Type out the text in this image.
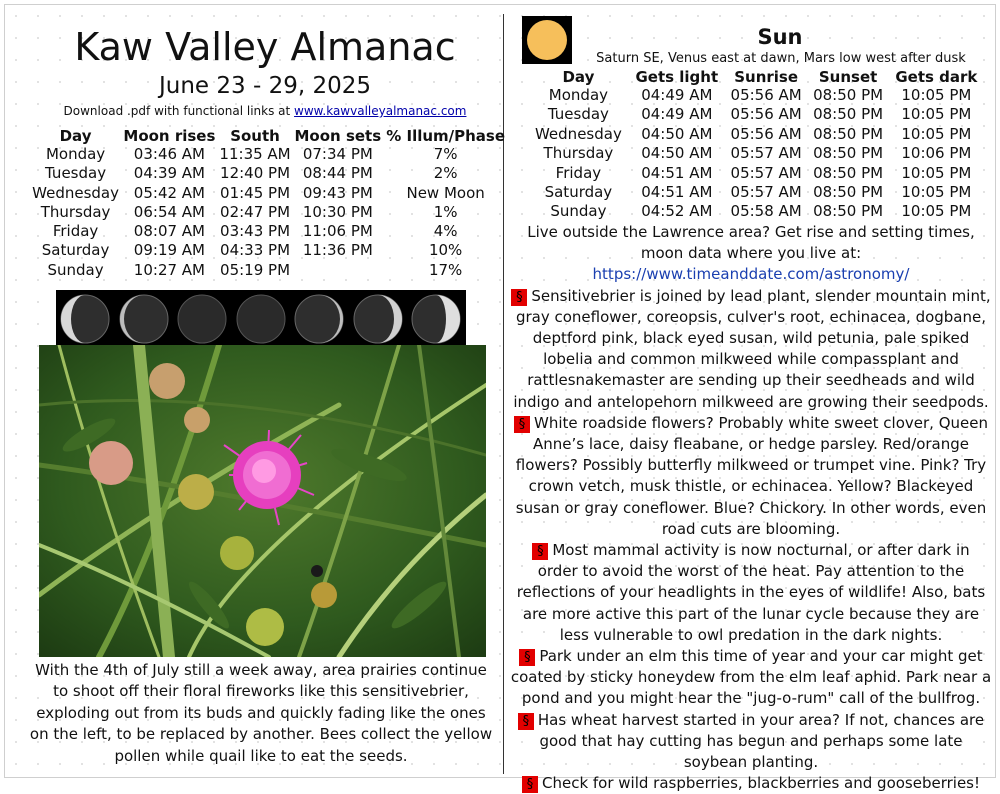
Kaw Valley Almanac
June 23 - 29, 2025
Download .pdf with functional links at www.kawvalleyalmanac.com
Day	Moon rises	South	Moon sets	% Illum/Phase
Monday	03:46 AM	11:35 AM	07:34 PM	7%
Tuesday	04:39 AM	12:40 PM	08:44 PM	2%
Wednesday	05:42 AM	01:45 PM	09:43 PM	New Moon
Thursday	06:54 AM	02:47 PM	10:30 PM	1%
Friday	08:07 AM	03:43 PM	11:06 PM	4%
Saturday	09:19 AM	04:33 PM	11:36 PM	10%
Sunday	10:27 AM	05:19 PM		17%
With the 4th of July still a week away, area prairies continue to shoot off their floral fireworks like this sensitivebrier, exploding out from its buds and quickly fading like the ones on the left, to be replaced by another. Bees collect the yellow pollen while quail like to eat the seeds.
Sun
Saturn SE, Venus east at dawn, Mars low west after dusk
Day	Gets light	Sunrise	Sunset	Gets dark
Monday	04:49 AM	05:56 AM	08:50 PM	10:05 PM
Tuesday	04:49 AM	05:56 AM	08:50 PM	10:05 PM
Wednesday	04:50 AM	05:56 AM	08:50 PM	10:05 PM
Thursday	04:50 AM	05:57 AM	08:50 PM	10:06 PM
Friday	04:51 AM	05:57 AM	08:50 PM	10:05 PM
Saturday	04:51 AM	05:57 AM	08:50 PM	10:05 PM
Sunday	04:52 AM	05:58 AM	08:50 PM	10:05 PM

Live outside the Lawrence area? Get rise and setting times, moon data where you live at: https://www.timeanddate.com/astronomy/

§ Sensitivebrier is joined by lead plant, slender mountain mint, gray coneflower, coreopsis, culver's root, echinacea, dogbane, deptford pink, black eyed susan, wild petunia, pale spiked lobelia and common milkweed while compassplant and rattlesnakemaster are sending up their seedheads and wild indigo and antelopehorn milkweed are growing their seedpods.

§ White roadside flowers? Probably white sweet clover, Queen Anne’s lace, daisy fleabane, or hedge parsley. Red/orange flowers? Possibly butterfly milkweed or trumpet vine. Pink? Try crown vetch, musk thistle, or echinacea. Yellow? Blackeyed susan or gray coneflower. Blue? Chickory. In other words, even road cuts are blooming.

§ Most mammal activity is now nocturnal, or after dark in order to avoid the worst of the heat. Pay attention to the reflections of your headlights in the eyes of wildlife! Also, bats are more active this part of the lunar cycle because they are less vulnerable to owl predation in the dark nights.

§ Park under an elm this time of year and your car might get coated by sticky honeydew from the elm leaf aphid. Park near a pond and you might hear the "jug-o-rum" call of the bullfrog.

§ Has wheat harvest started in your area? If not, chances are good that hay cutting has begun and perhaps some late soybean planting.

§ Check for wild raspberries, blackberries and gooseberries!
